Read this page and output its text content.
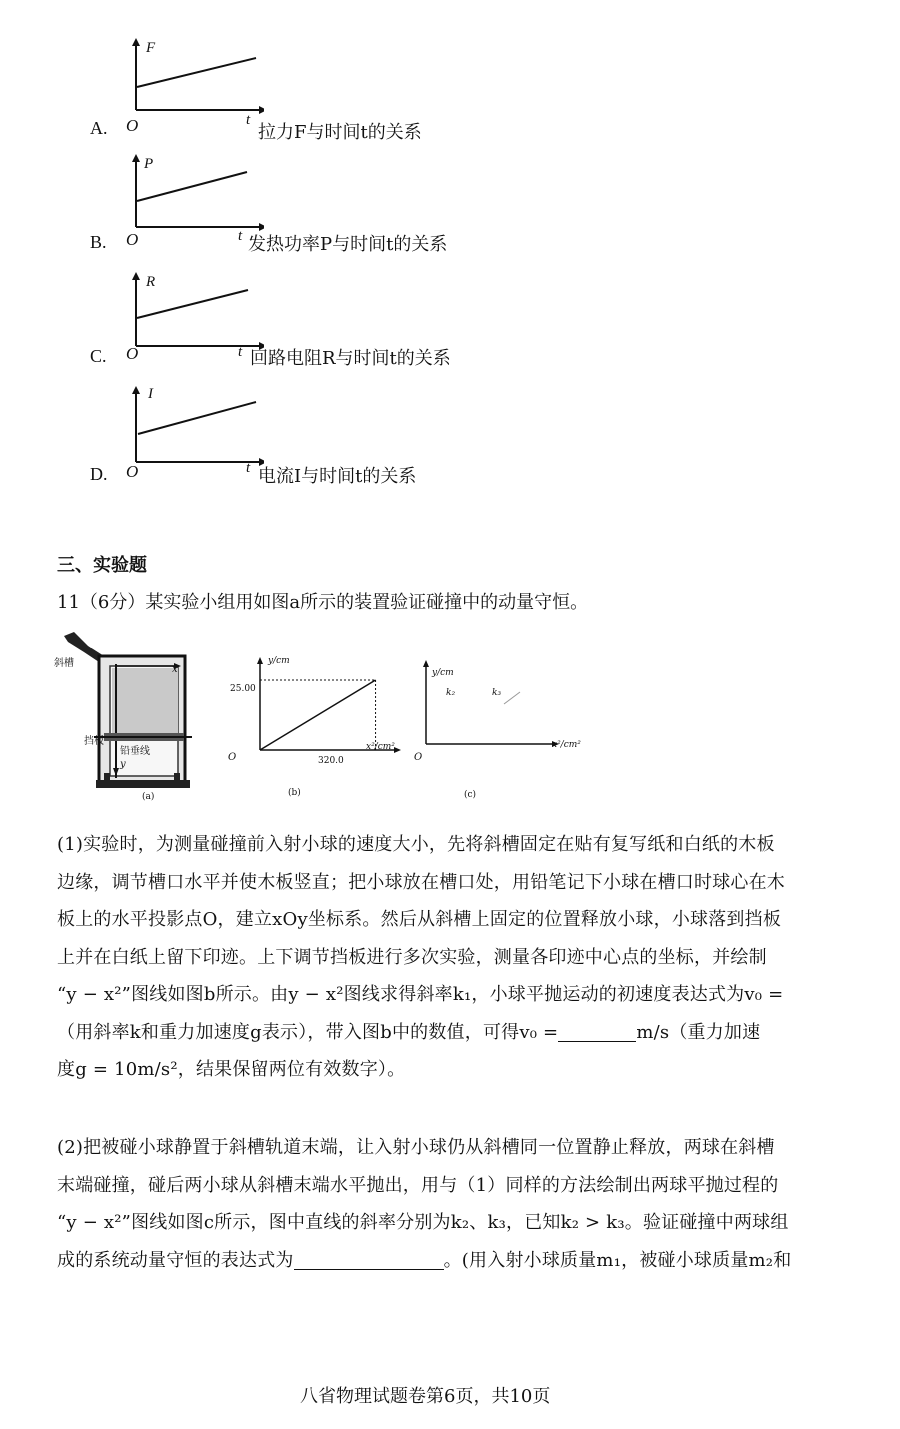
F
O	t
A.	拉力F与时间t的关系
P
O	t
B.	发热功率P与时间t的关系
R
O	t
C.	回路电阻R与时间t的关系
I
O	t
D.	电流I与时间t的关系
三、实验题
11（6分）某实验小组用如图a所示的装置验证碰撞中的动量守恒。
斜槽
挡板
铅垂线
x
y
(a)
y/cm
25.00
320.0
O
x²/cm²
(b)
y/cm
k₂	k₃
O
x²/cm²
(c)
(1)实验时，为测量碰撞前入射小球的速度大小，先将斜槽固定在贴有复写纸和白纸的木板
边缘，调节槽口水平并使木板竖直；把小球放在槽口处，用铅笔记下小球在槽口时球心在木
板上的水平投影点O，建立xOy坐标系。然后从斜槽上固定的位置释放小球，小球落到挡板
上并在白纸上留下印迹。上下调节挡板进行多次实验，测量各印迹中心点的坐标，并绘制
“y − x²”图线如图b所示。由y − x²图线求得斜率k₁，小球平抛运动的初速度表达式为v₀ =
（用斜率k和重力加速度g表示），带入图b中的数值，可得v₀ =	m/s（重力加速
度g = 10m/s²，结果保留两位有效数字）。
(2)把被碰小球静置于斜槽轨道末端，让入射小球仍从斜槽同一位置静止释放，两球在斜槽
末端碰撞，碰后两小球从斜槽末端水平抛出，用与（1）同样的方法绘制出两球平抛过程的
“y − x²”图线如图c所示，图中直线的斜率分别为k₂、k₃，已知k₂ > k₃。验证碰撞中两球组
成的系统动量守恒的表达式为	。(用入射小球质量m₁，被碰小球质量m₂和
八省物理试题卷第6页，共10页
